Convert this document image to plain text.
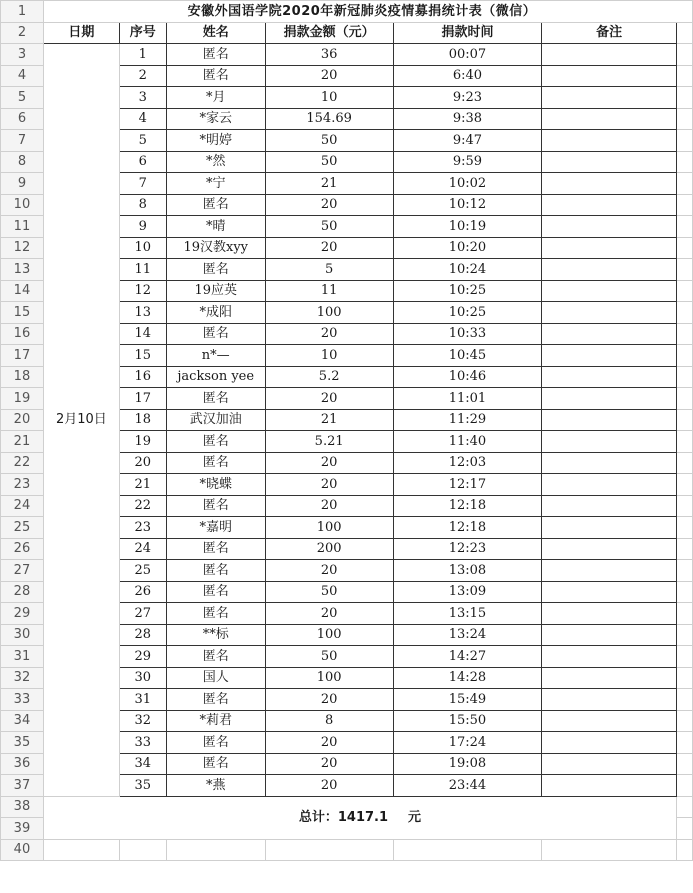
1	安徽外国语学院2020年新冠肺炎疫情募捐统计表（微信）						
2	日期	序号	姓名	捐款金额（元）	捐款时间	备注	
3	2月10日	1	匿名	36	00:07		
4		2	匿名	20	6:40		
5		3	*月	10	9:23		
6		4	*家云	154.69	9:38		
7		5	*明婷	50	9:47		
8		6	*然	50	9:59		
9		7	*宁	21	10:02		
10		8	匿名	20	10:12		
11		9	*晴	50	10:19		
12		10	19汉教xyy	20	10:20		
13		11	匿名	5	10:24		
14		12	19应英	11	10:25		
15		13	*成阳	100	10:25		
16		14	匿名	20	10:33		
17		15	n*—	10	10:45		
18		16	jackson yee	5.2	10:46		
19		17	匿名	20	11:01		
20		18	武汉加油	21	11:29		
21		19	匿名	5.21	11:40		
22		20	匿名	20	12:03		
23		21	*晓蝶	20	12:17		
24		22	匿名	20	12:18		
25		23	*嘉明	100	12:18		
26		24	匿名	200	12:23		
27		25	匿名	20	13:08		
28		26	匿名	50	13:09		
29		27	匿名	20	13:15		
30		28	**标	100	13:24		
31		29	匿名	50	14:27		
32		30	国人	100	14:28		
33		31	匿名	20	15:49		
34		32	*莉君	8	15:50		
35		33	匿名	20	17:24		
36		34	匿名	20	19:08		
37		35	*燕	20	23:44		
38	总计：1417.1 元						
39							
40							
